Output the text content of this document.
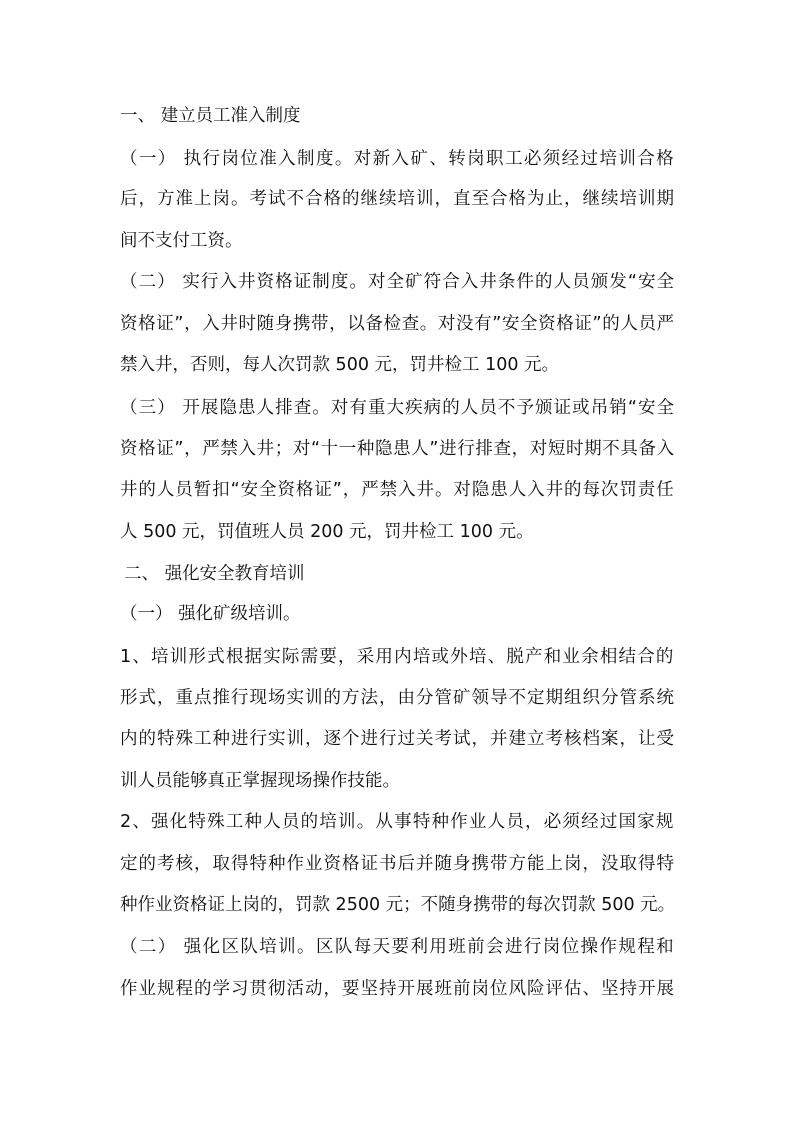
一、 建立员工准入制度
（一） 执行岗位准入制度。对新入矿、转岗职工必须经过培训合格
后，方准上岗。考试不合格的继续培训，直至合格为止，继续培训期
间不支付工资。
（二） 实行入井资格证制度。对全矿符合入井条件的人员颁发“安全
资格证”，入井时随身携带，以备检查。对没有”安全资格证”的人员严
禁入井，否则，每人次罚款 500 元，罚井检工 100 元。
（三） 开展隐患人排查。对有重大疾病的人员不予颁证或吊销“安全
资格证”，严禁入井；对“十一种隐患人”进行排查，对短时期不具备入
井的人员暂扣“安全资格证”，严禁入井。对隐患人入井的每次罚责任
人 500 元，罚值班人员 200 元，罚井检工 100 元。
二、 强化安全教育培训
（一） 强化矿级培训。
1、培训形式根据实际需要，采用内培或外培、脱产和业余相结合的
形式，重点推行现场实训的方法，由分管矿领导不定期组织分管系统
内的特殊工种进行实训，逐个进行过关考试，并建立考核档案，让受
训人员能够真正掌握现场操作技能。
2、强化特殊工种人员的培训。从事特种作业人员，必须经过国家规
定的考核，取得特种作业资格证书后并随身携带方能上岗，没取得特
种作业资格证上岗的，罚款 2500 元；不随身携带的每次罚款 500 元。
（二） 强化区队培训。区队每天要利用班前会进行岗位操作规程和
作业规程的学习贯彻活动，要坚持开展班前岗位风险评估、坚持开展
